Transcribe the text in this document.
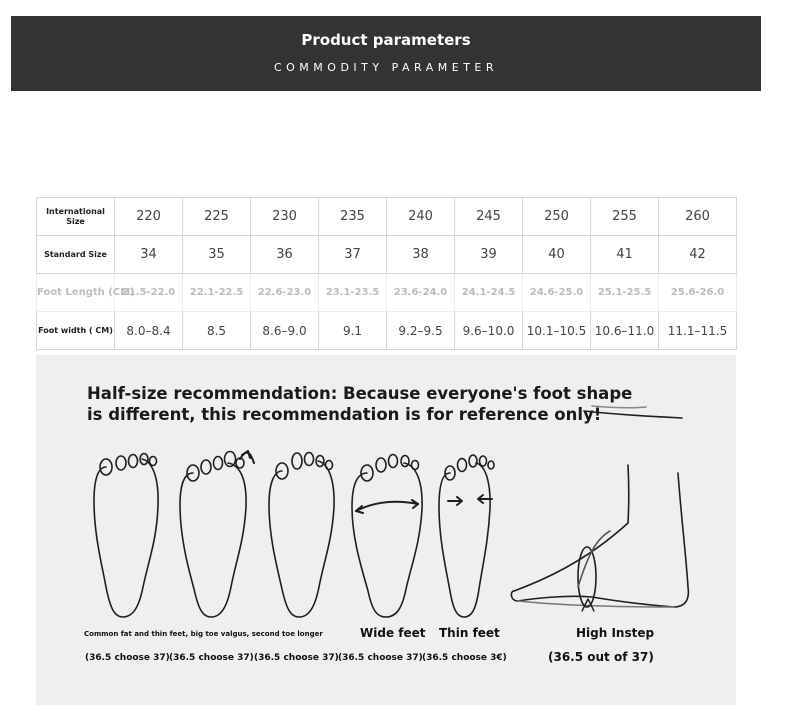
Product parameters
COMMODITY PARAMETER
International Size	220	225	230	235	240	245	250	255	260
Standard Size	34	35	36	37	38	39	40	41	42
Foot Length (CM)	21.5-22.0	22.1-22.5	22.6-23.0	23.1-23.5	23.6-24.0	24.1-24.5	24.6-25.0	25.1-25.5	25.6-26.0
Foot width ( CM)	8.0–8.4	8.5	8.6–9.0	9.1	9.2–9.5	9.6–10.0	10.1–10.5	10.6–11.0	11.1–11.5
Half-size recommendation: Because everyone's foot shape is different, this recommendation is for reference only!
Common fat and thin feet, big toe valgus, second toe longer	Wide feet Thin feet	High Instep
(36.5 choose 37) (36.5 choose 37) (36.5 choose 37) (36.5 choose 37) (36.5 choose 3€)	(36.5 out of 37)
